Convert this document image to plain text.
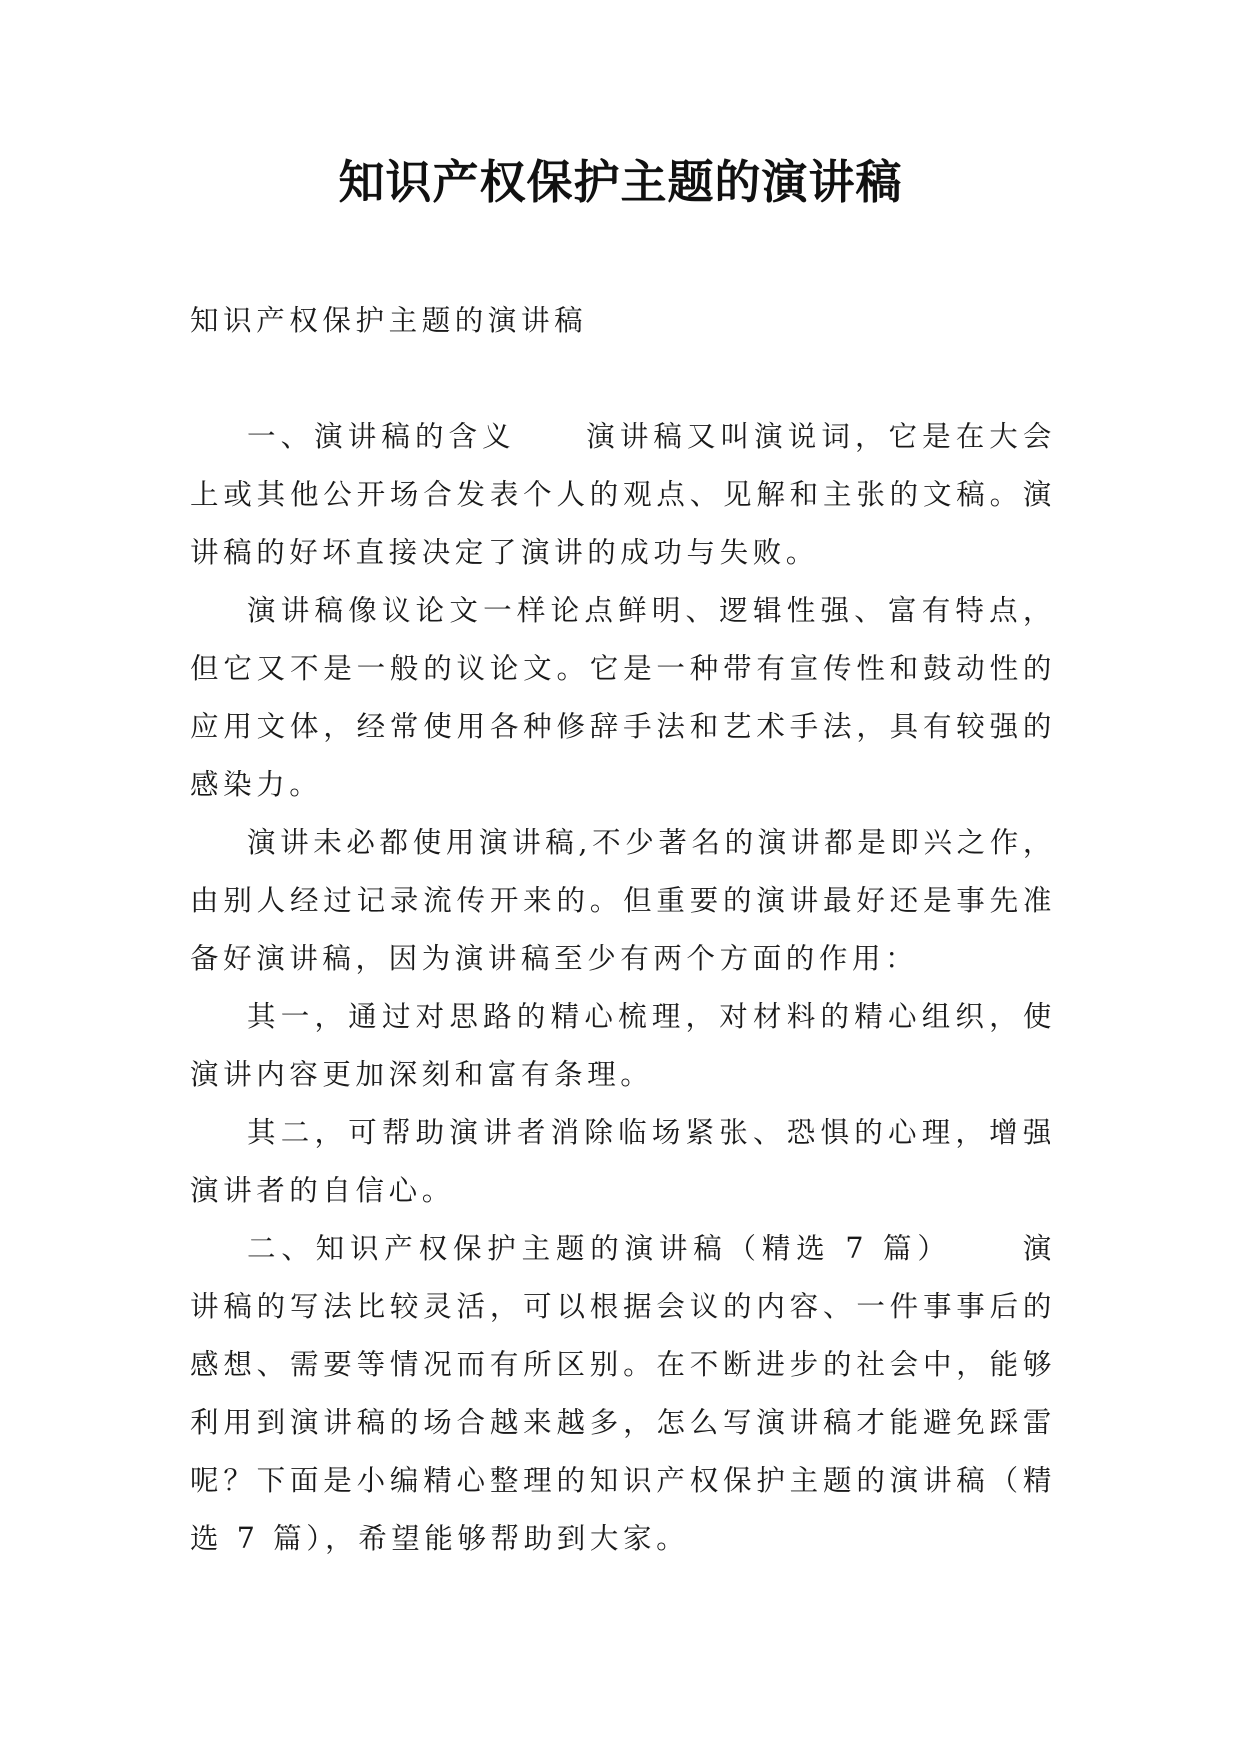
知识产权保护主题的演讲稿

知识产权保护主题的演讲稿

一、演讲稿的含义 演讲稿又叫演说词，它是在大会上或其他公开场合发表个人的观点、见解和主张的文稿。演讲稿的好坏直接决定了演讲的成功与失败。

演讲稿像议论文一样论点鲜明、逻辑性强、富有特点，但它又不是一般的议论文。它是一种带有宣传性和鼓动性的应用文体，经常使用各种修辞手法和艺术手法，具有较强的感染力。

演讲未必都使用演讲稿,不少著名的演讲都是即兴之作，由别人经过记录流传开来的。但重要的演讲最好还是事先准备好演讲稿，因为演讲稿至少有两个方面的作用：

其一，通过对思路的精心梳理，对材料的精心组织，使演讲内容更加深刻和富有条理。

其二，可帮助演讲者消除临场紧张、恐惧的心理，增强演讲者的自信心。

二、知识产权保护主题的演讲稿（精选 7 篇） 演讲稿的写法比较灵活，可以根据会议的内容、一件事事后的感想、需要等情况而有所区别。在不断进步的社会中，能够利用到演讲稿的场合越来越多，怎么写演讲稿才能避免踩雷呢？下面是小编精心整理的知识产权保护主题的演讲稿（精选 7 篇），希望能够帮助到大家。
